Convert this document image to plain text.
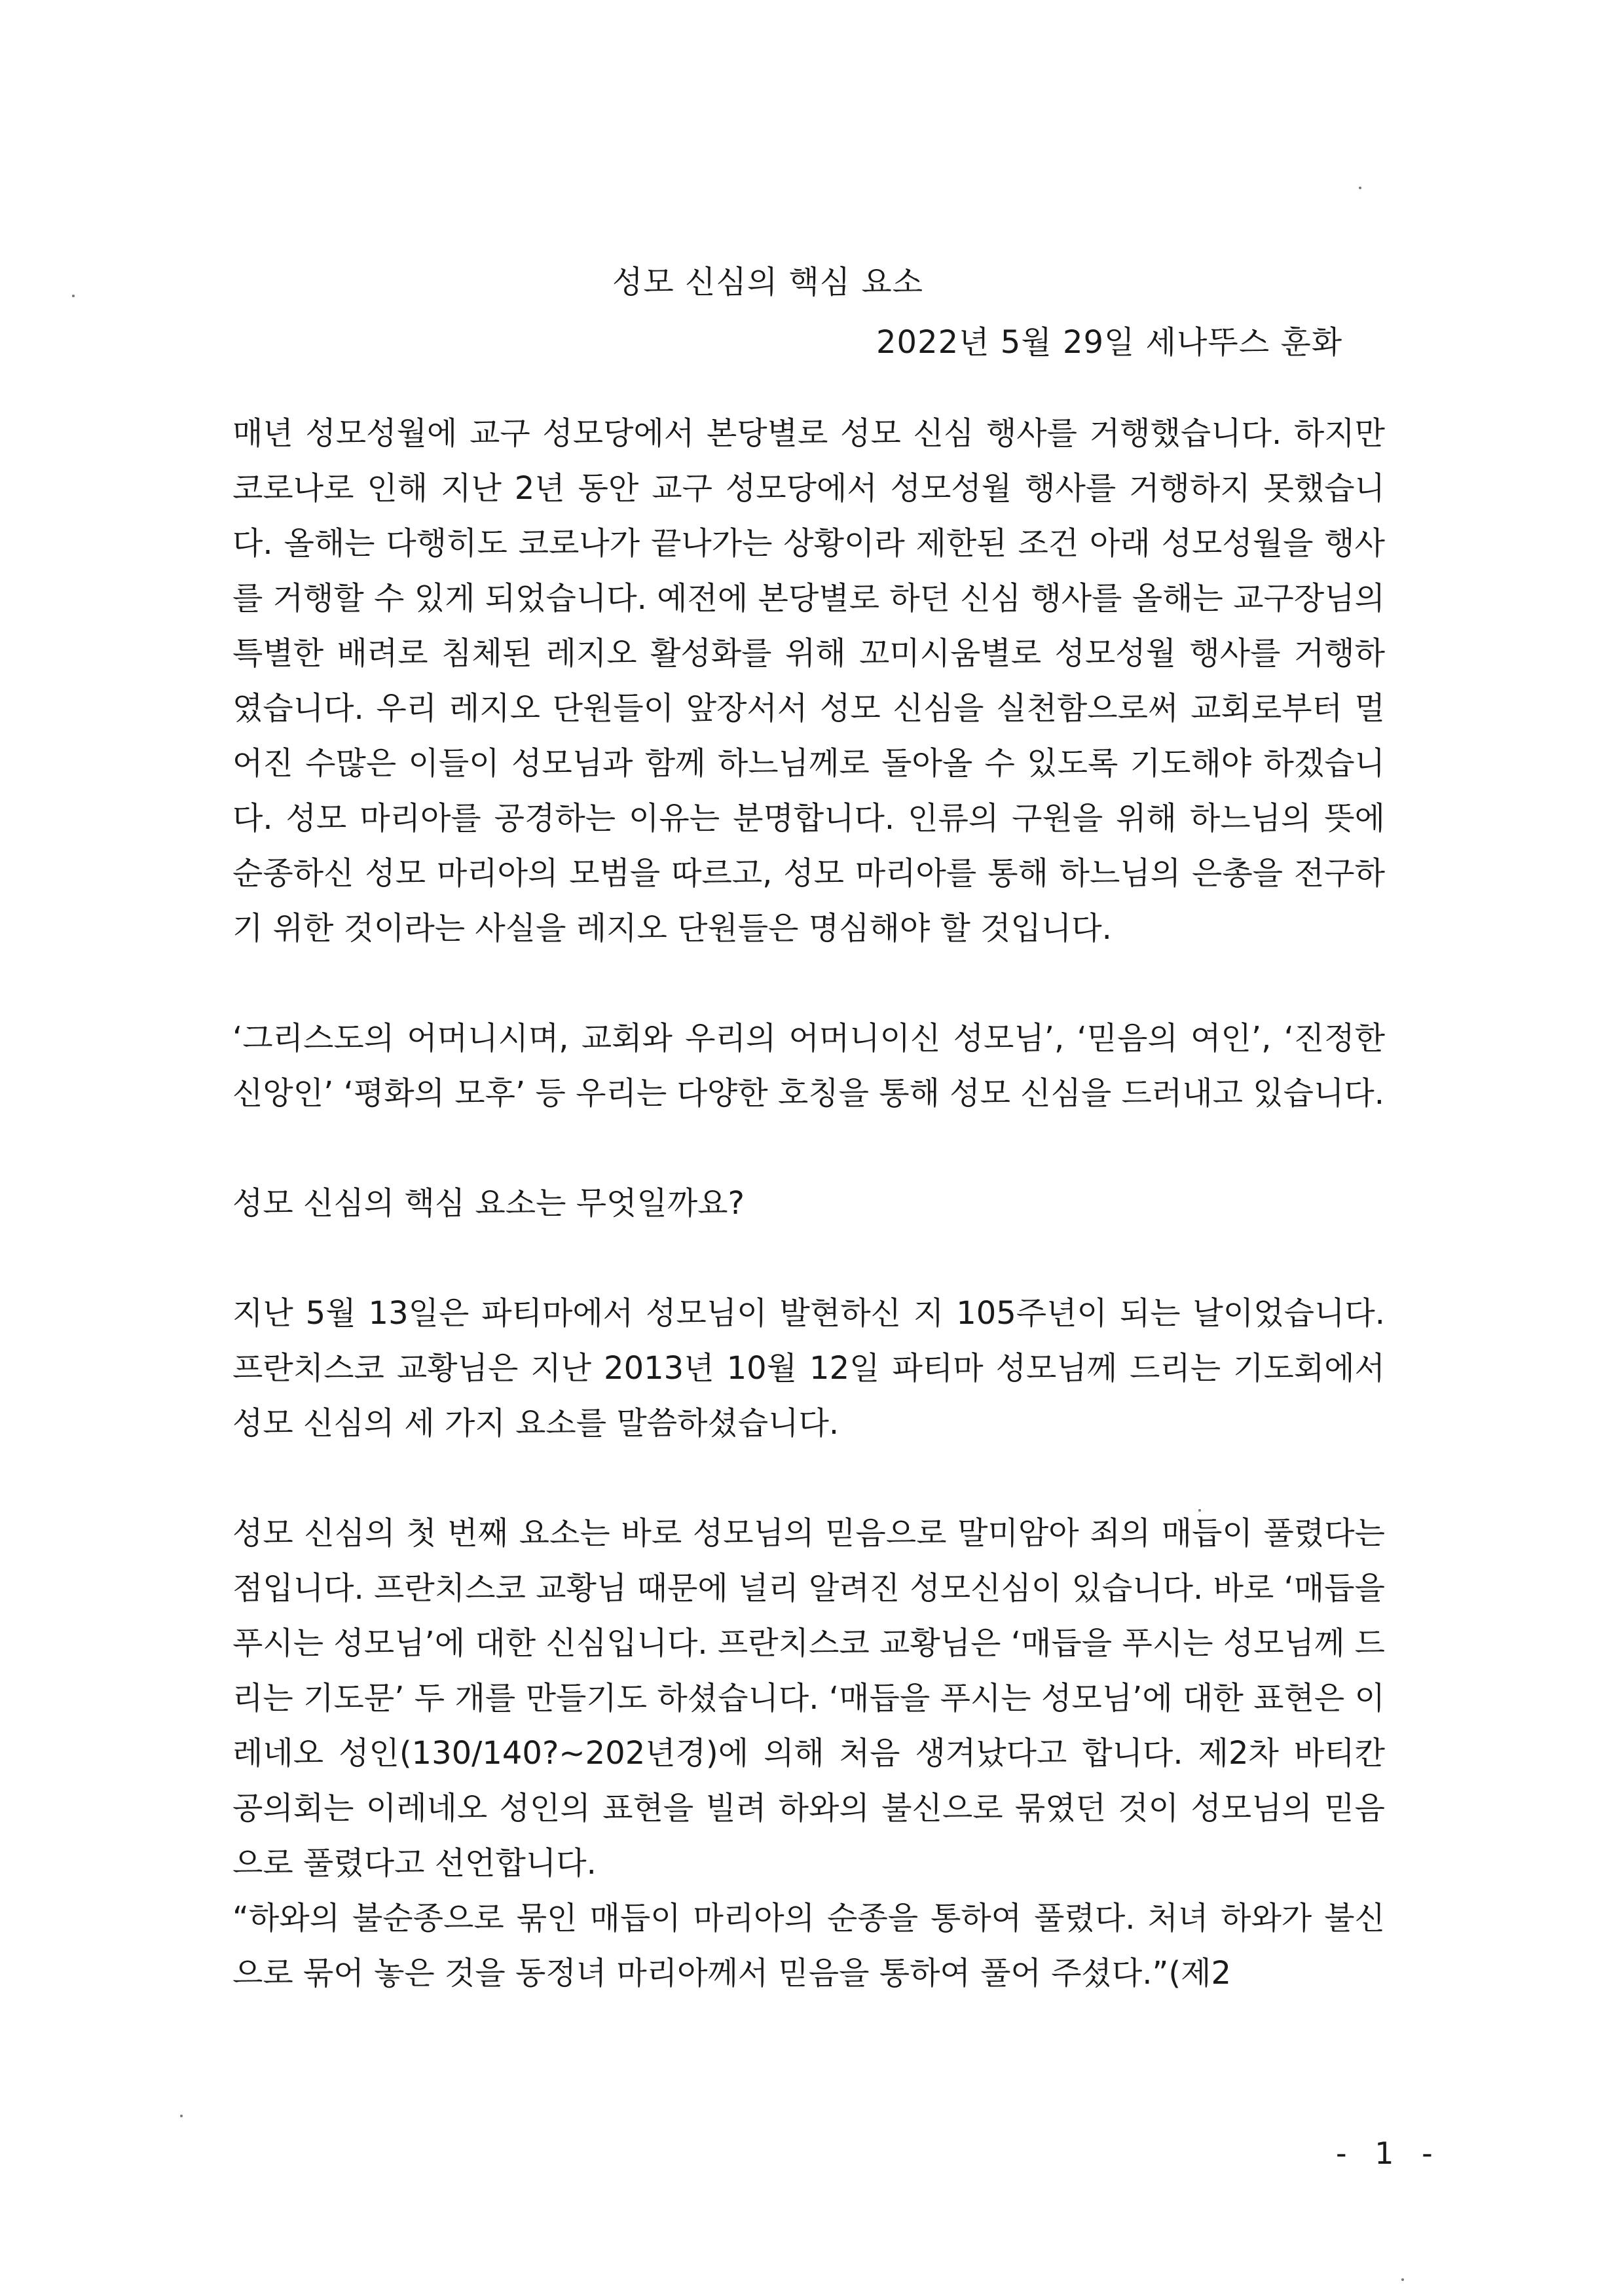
성모 신심의 핵심 요소
2022년 5월 29일 세나뚜스 훈화

매년 성모성월에 교구 성모당에서 본당별로 성모 신심 행사를 거행했습니다. 하지만 코로나로 인해 지난 2년 동안 교구 성모당에서 성모성월 행사를 거행하지 못했습니다. 올해는 다행히도 코로나가 끝나가는 상황이라 제한된 조건 아래 성모성월을 행사를 거행할 수 있게 되었습니다. 예전에 본당별로 하던 신심 행사를 올해는 교구장님의 특별한 배려로 침체된 레지오 활성화를 위해 꼬미시움별로 성모성월 행사를 거행하였습니다. 우리 레지오 단원들이 앞장서서 성모 신심을 실천함으로써 교회로부터 멀어진 수많은 이들이 성모님과 함께 하느님께로 돌아올 수 있도록 기도해야 하겠습니다. 성모 마리아를 공경하는 이유는 분명합니다. 인류의 구원을 위해 하느님의 뜻에 순종하신 성모 마리아의 모범을 따르고, 성모 마리아를 통해 하느님의 은총을 전구하기 위한 것이라는 사실을 레지오 단원들은 명심해야 할 것입니다.

‘그리스도의 어머니시며, 교회와 우리의 어머니이신 성모님’, ‘믿음의 여인’, ‘진정한 신앙인’ ‘평화의 모후’ 등 우리는 다양한 호칭을 통해 성모 신심을 드러내고 있습니다.

성모 신심의 핵심 요소는 무엇일까요?

지난 5월 13일은 파티마에서 성모님이 발현하신 지 105주년이 되는 날이었습니다. 프란치스코 교황님은 지난 2013년 10월 12일 파티마 성모님께 드리는 기도회에서 성모 신심의 세 가지 요소를 말씀하셨습니다.

성모 신심의 첫 번째 요소는 바로 성모님의 믿음으로 말미암아 죄의 매듭이 풀렸다는 점입니다. 프란치스코 교황님 때문에 널리 알려진 성모신심이 있습니다. 바로 ‘매듭을 푸시는 성모님’에 대한 신심입니다. 프란치스코 교황님은 ‘매듭을 푸시는 성모님께 드리는 기도문’ 두 개를 만들기도 하셨습니다. ‘매듭을 푸시는 성모님’에 대한 표현은 이레네오 성인(130/140?~202년경)에 의해 처음 생겨났다고 합니다. 제2차 바티칸 공의회는 이레네오 성인의 표현을 빌려 하와의 불신으로 묶였던 것이 성모님의 믿음으로 풀렸다고 선언합니다.

“하와의 불순종으로 묶인 매듭이 마리아의 순종을 통하여 풀렸다. 처녀 하와가 불신으로 묶어 놓은 것을 동정녀 마리아께서 믿음을 통하여 풀어 주셨다.”(제2

- 1 -
